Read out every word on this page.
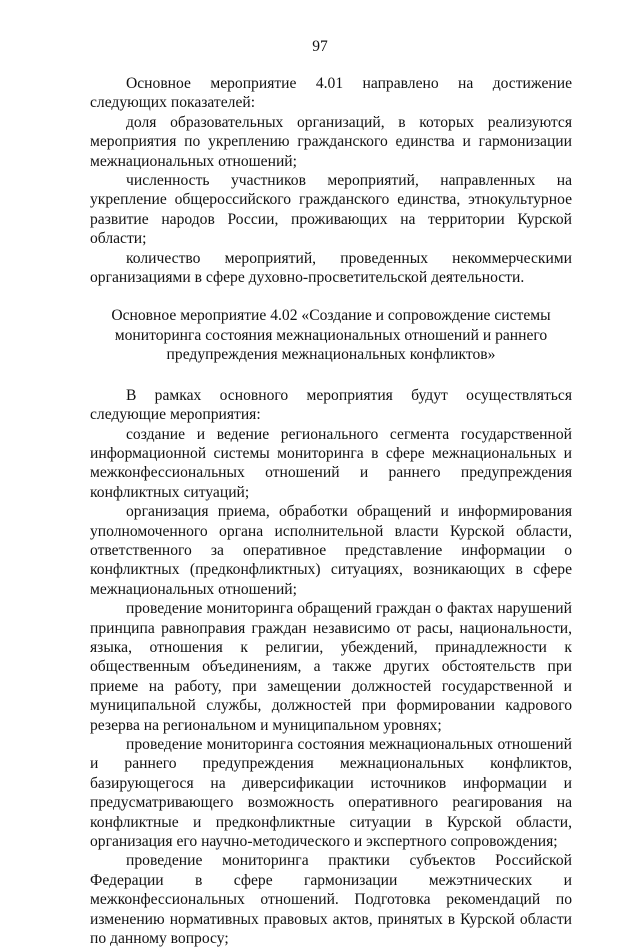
97

Основное мероприятие 4.01 направлено на достижение следующих показателей:

доля образовательных организаций, в которых реализуются мероприятия по укреплению гражданского единства и гармонизации межнациональных отношений;

численность участников мероприятий, направленных на укрепление общероссийского гражданского единства, этнокультурное развитие народов России, проживающих на территории Курской области;

количество мероприятий, проведенных некоммерческими организациями в сфере духовно-просветительской деятельности.

Основное мероприятие 4.02 «Создание и сопровождение системы мониторинга состояния межнациональных отношений и раннего предупреждения межнациональных конфликтов»

В рамках основного мероприятия будут осуществляться следующие мероприятия:

создание и ведение регионального сегмента государственной информационной системы мониторинга в сфере межнациональных и межконфессиональных отношений и раннего предупреждения конфликтных ситуаций;

организация приема, обработки обращений и информирования уполномоченного органа исполнительной власти Курской области, ответственного за оперативное представление информации о конфликтных (предконфликтных) ситуациях, возникающих в сфере межнациональных отношений;

проведение мониторинга обращений граждан о фактах нарушений принципа равноправия граждан независимо от расы, национальности, языка, отношения к религии, убеждений, принадлежности к общественным объединениям, а также других обстоятельств при приеме на работу, при замещении должностей государственной и муниципальной службы, должностей при формировании кадрового резерва на региональном и муниципальном уровнях;

проведение мониторинга состояния межнациональных отношений и раннего предупреждения межнациональных конфликтов, базирующегося на диверсификации источников информации и предусматривающего возможность оперативного реагирования на конфликтные и предконфликтные ситуации в Курской области, организация его научно-методического и экспертного сопровождения;

проведение мониторинга практики субъектов Российской Федерации в сфере гармонизации межэтнических и межконфессиональных отношений. Подготовка рекомендаций по изменению нормативных правовых актов, принятых в Курской области по данному вопросу;
